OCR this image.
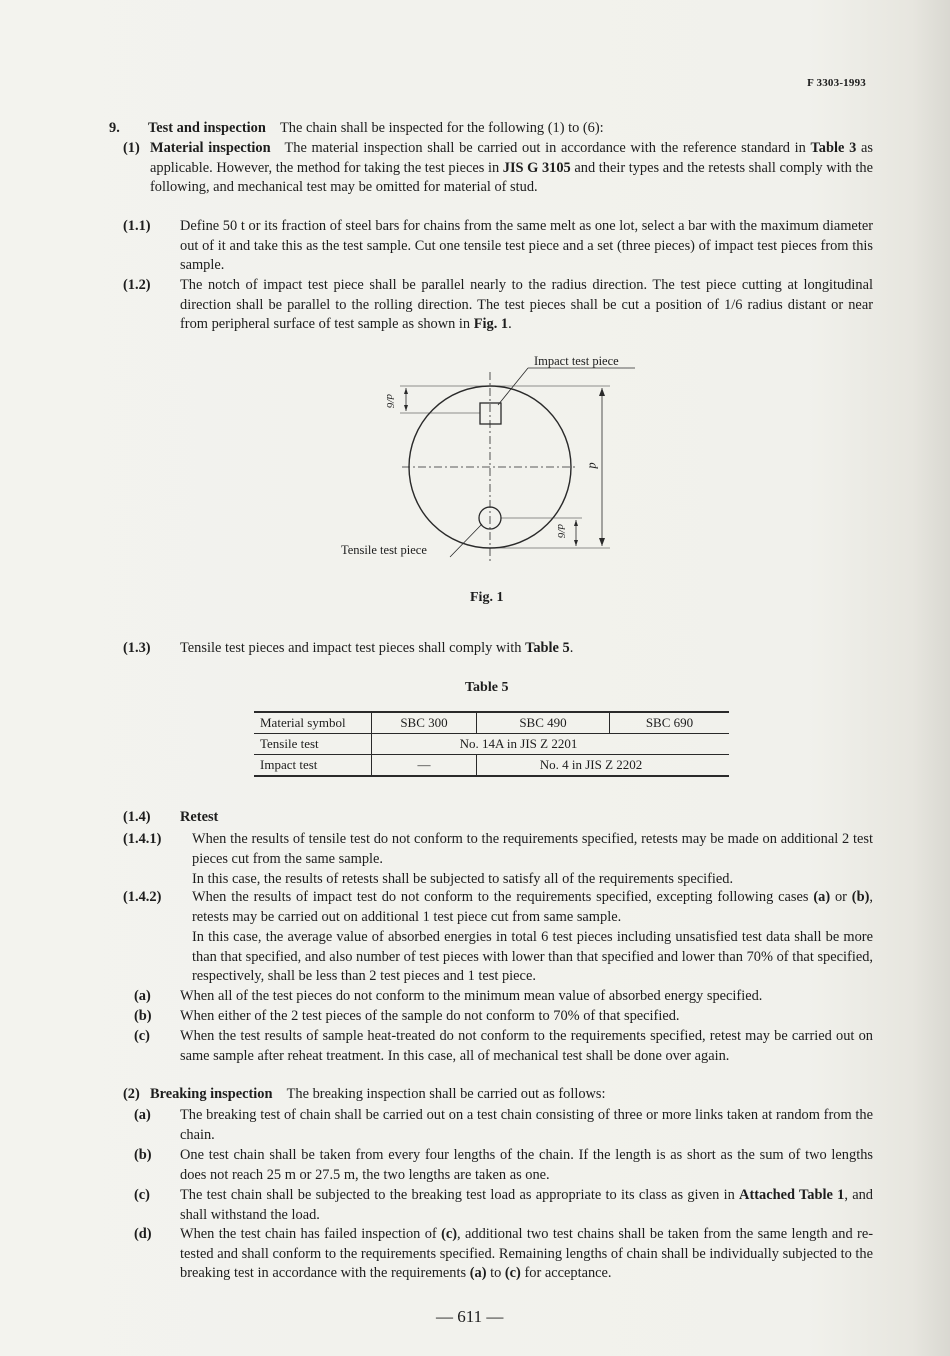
F 3303-1993
9. Test and inspection The chain shall be inspected for the following (1) to (6):
(1) Material inspection The material inspection shall be carried out in accordance with the reference standard in Table 3 as applicable. However, the method for taking the test pieces in JIS G 3105 and their types and the retests shall comply with the following, and mechanical test may be omitted for material of stud.
(1.1) Define 50 t or its fraction of steel bars for chains from the same melt as one lot, select a bar with the maximum diameter out of it and take this as the test sample. Cut one tensile test piece and a set (three pieces) of impact test pieces from this sample.
(1.2) The notch of impact test piece shall be parallel nearly to the radius direction. The test piece cutting at longitudinal direction shall be parallel to the rolling direction. The test pieces shall be cut a position of 1/6 radius distant or near from peripheral surface of test sample as shown in Fig. 1.
Impact test piece
Tensile test piece
d
d/6
d/6
Fig. 1
(1.3) Tensile test pieces and impact test pieces shall comply with Table 5.
Table 5
Material symbol	SBC 300	SBC 490	SBC 690
Tensile test	No. 14A in JIS Z 2201		
Impact test	—	No. 4 in JIS Z 2202	
(1.4) Retest
(1.4.1) When the results of tensile test do not conform to the requirements specified, retests may be made on additional 2 test pieces cut from the same sample.
In this case, the results of retests shall be subjected to satisfy all of the requirements specified.
(1.4.2) When the results of impact test do not conform to the requirements specified, excepting following cases (a) or (b), retests may be carried out on additional 1 test piece cut from same sample.
In this case, the average value of absorbed energies in total 6 test pieces including unsatisfied test data shall be more than that specified, and also number of test pieces with lower than that specified and lower than 70% of that specified, respectively, shall be less than 2 test pieces and 1 test piece.
(a) When all of the test pieces do not conform to the minimum mean value of absorbed energy specified.
(b) When either of the 2 test pieces of the sample do not conform to 70% of that specified.
(c) When the test results of sample heat-treated do not conform to the requirements specified, retest may be carried out on same sample after reheat treatment. In this case, all of mechanical test shall be done over again.
(2) Breaking inspection The breaking inspection shall be carried out as follows:
(a) The breaking test of chain shall be carried out on a test chain consisting of three or more links taken at random from the chain.
(b) One test chain shall be taken from every four lengths of the chain. If the length is as short as the sum of two lengths does not reach 25 m or 27.5 m, the two lengths are taken as one.
(c) The test chain shall be subjected to the breaking test load as appropriate to its class as given in Attached Table 1, and shall withstand the load.
(d) When the test chain has failed inspection of (c), additional two test chains shall be taken from the same length and re-tested and shall conform to the requirements specified. Remaining lengths of chain shall be individually subjected to the breaking test in accordance with the requirements (a) to (c) for acceptance.
— 611 —
